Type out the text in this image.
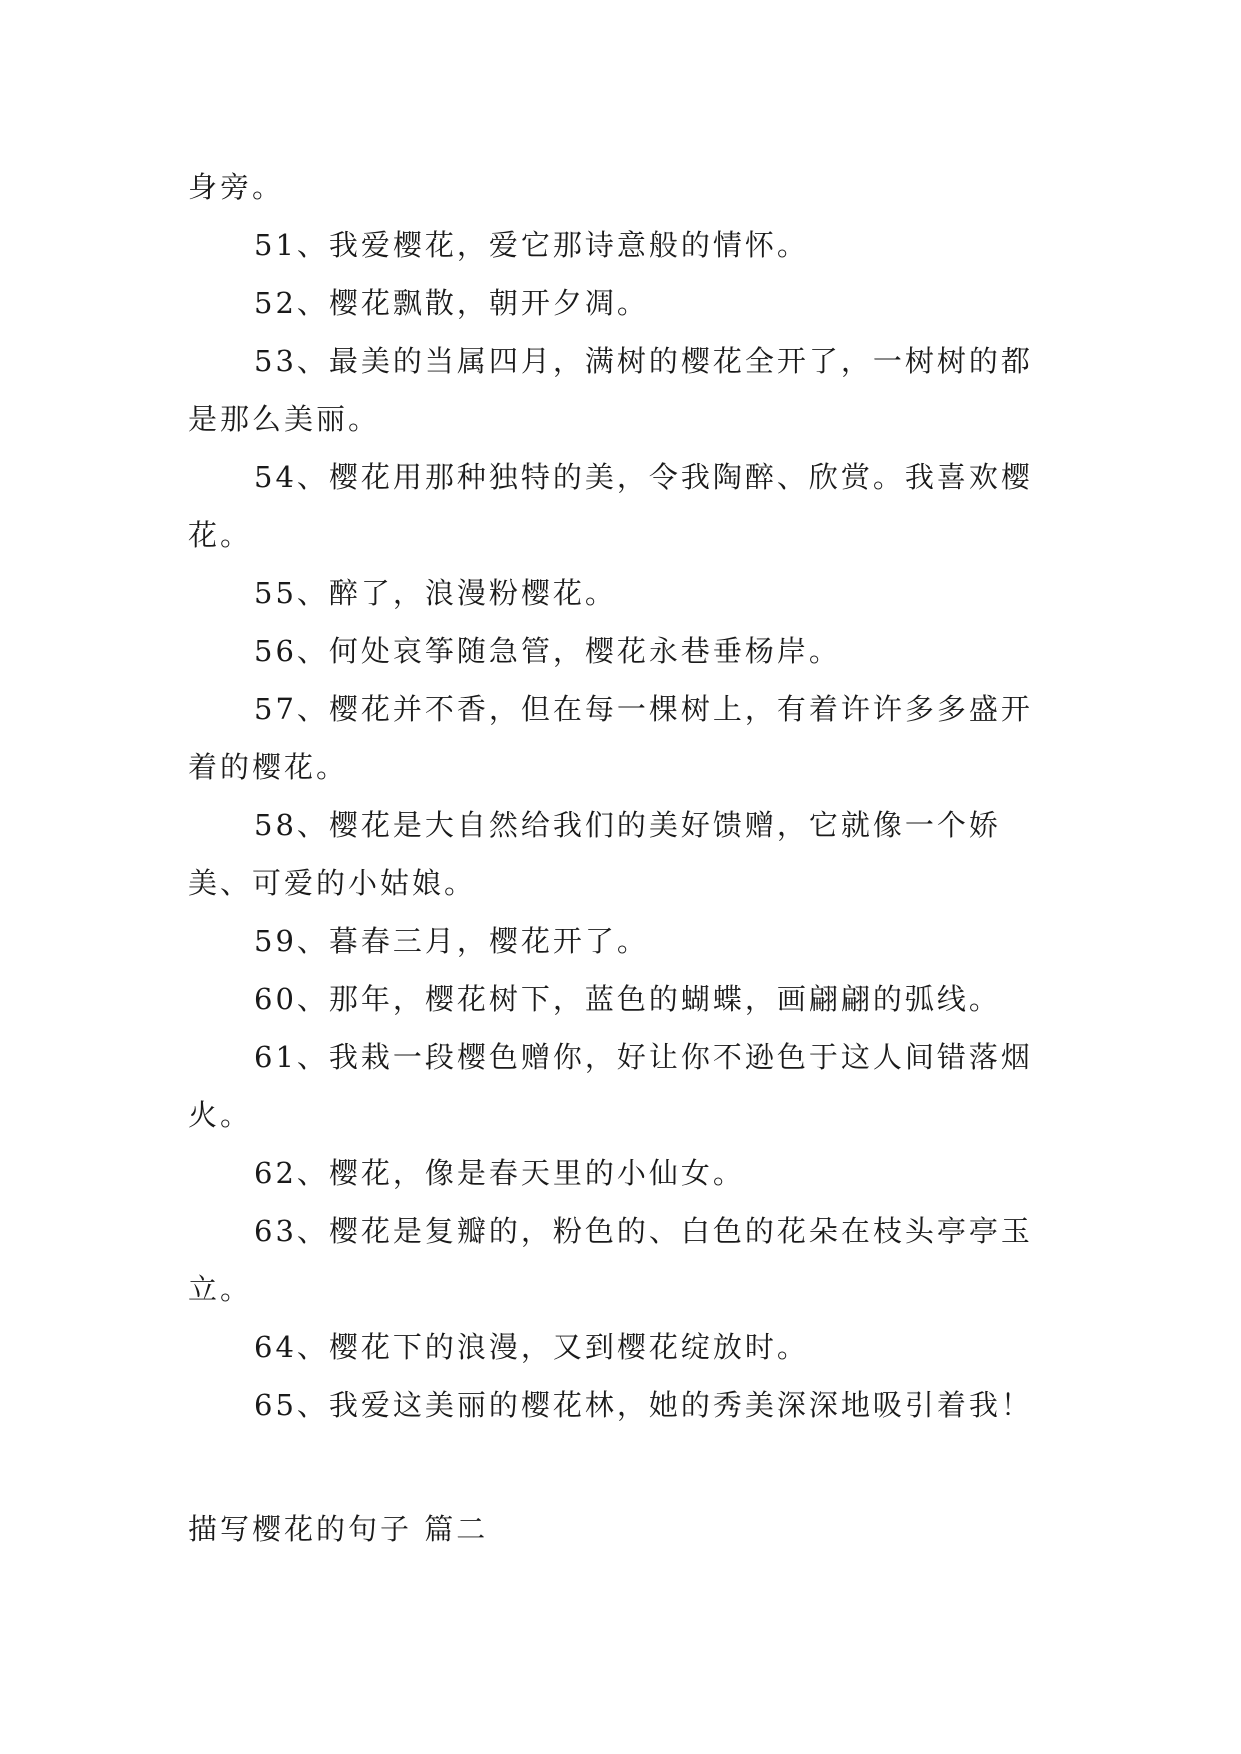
身旁。

51、我爱樱花，爱它那诗意般的情怀。

52、樱花飘散，朝开夕凋。

53、最美的当属四月，满树的樱花全开了，一树树的都是那么美丽。

54、樱花用那种独特的美，令我陶醉、欣赏。我喜欢樱花。

55、醉了，浪漫粉樱花。

56、何处哀筝随急管，樱花永巷垂杨岸。

57、樱花并不香，但在每一棵树上，有着许许多多盛开着的樱花。

58、樱花是大自然给我们的美好馈赠，它就像一个娇美、可爱的小姑娘。

59、暮春三月，樱花开了。

60、那年，樱花树下，蓝色的蝴蝶，画翩翩的弧线。

61、我栽一段樱色赠你，好让你不逊色于这人间错落烟火。

62、樱花，像是春天里的小仙女。

63、樱花是复瓣的，粉色的、白色的花朵在枝头亭亭玉立。

64、樱花下的浪漫，又到樱花绽放时。

65、我爱这美丽的樱花林，她的秀美深深地吸引着我！

描写樱花的句子 篇二
